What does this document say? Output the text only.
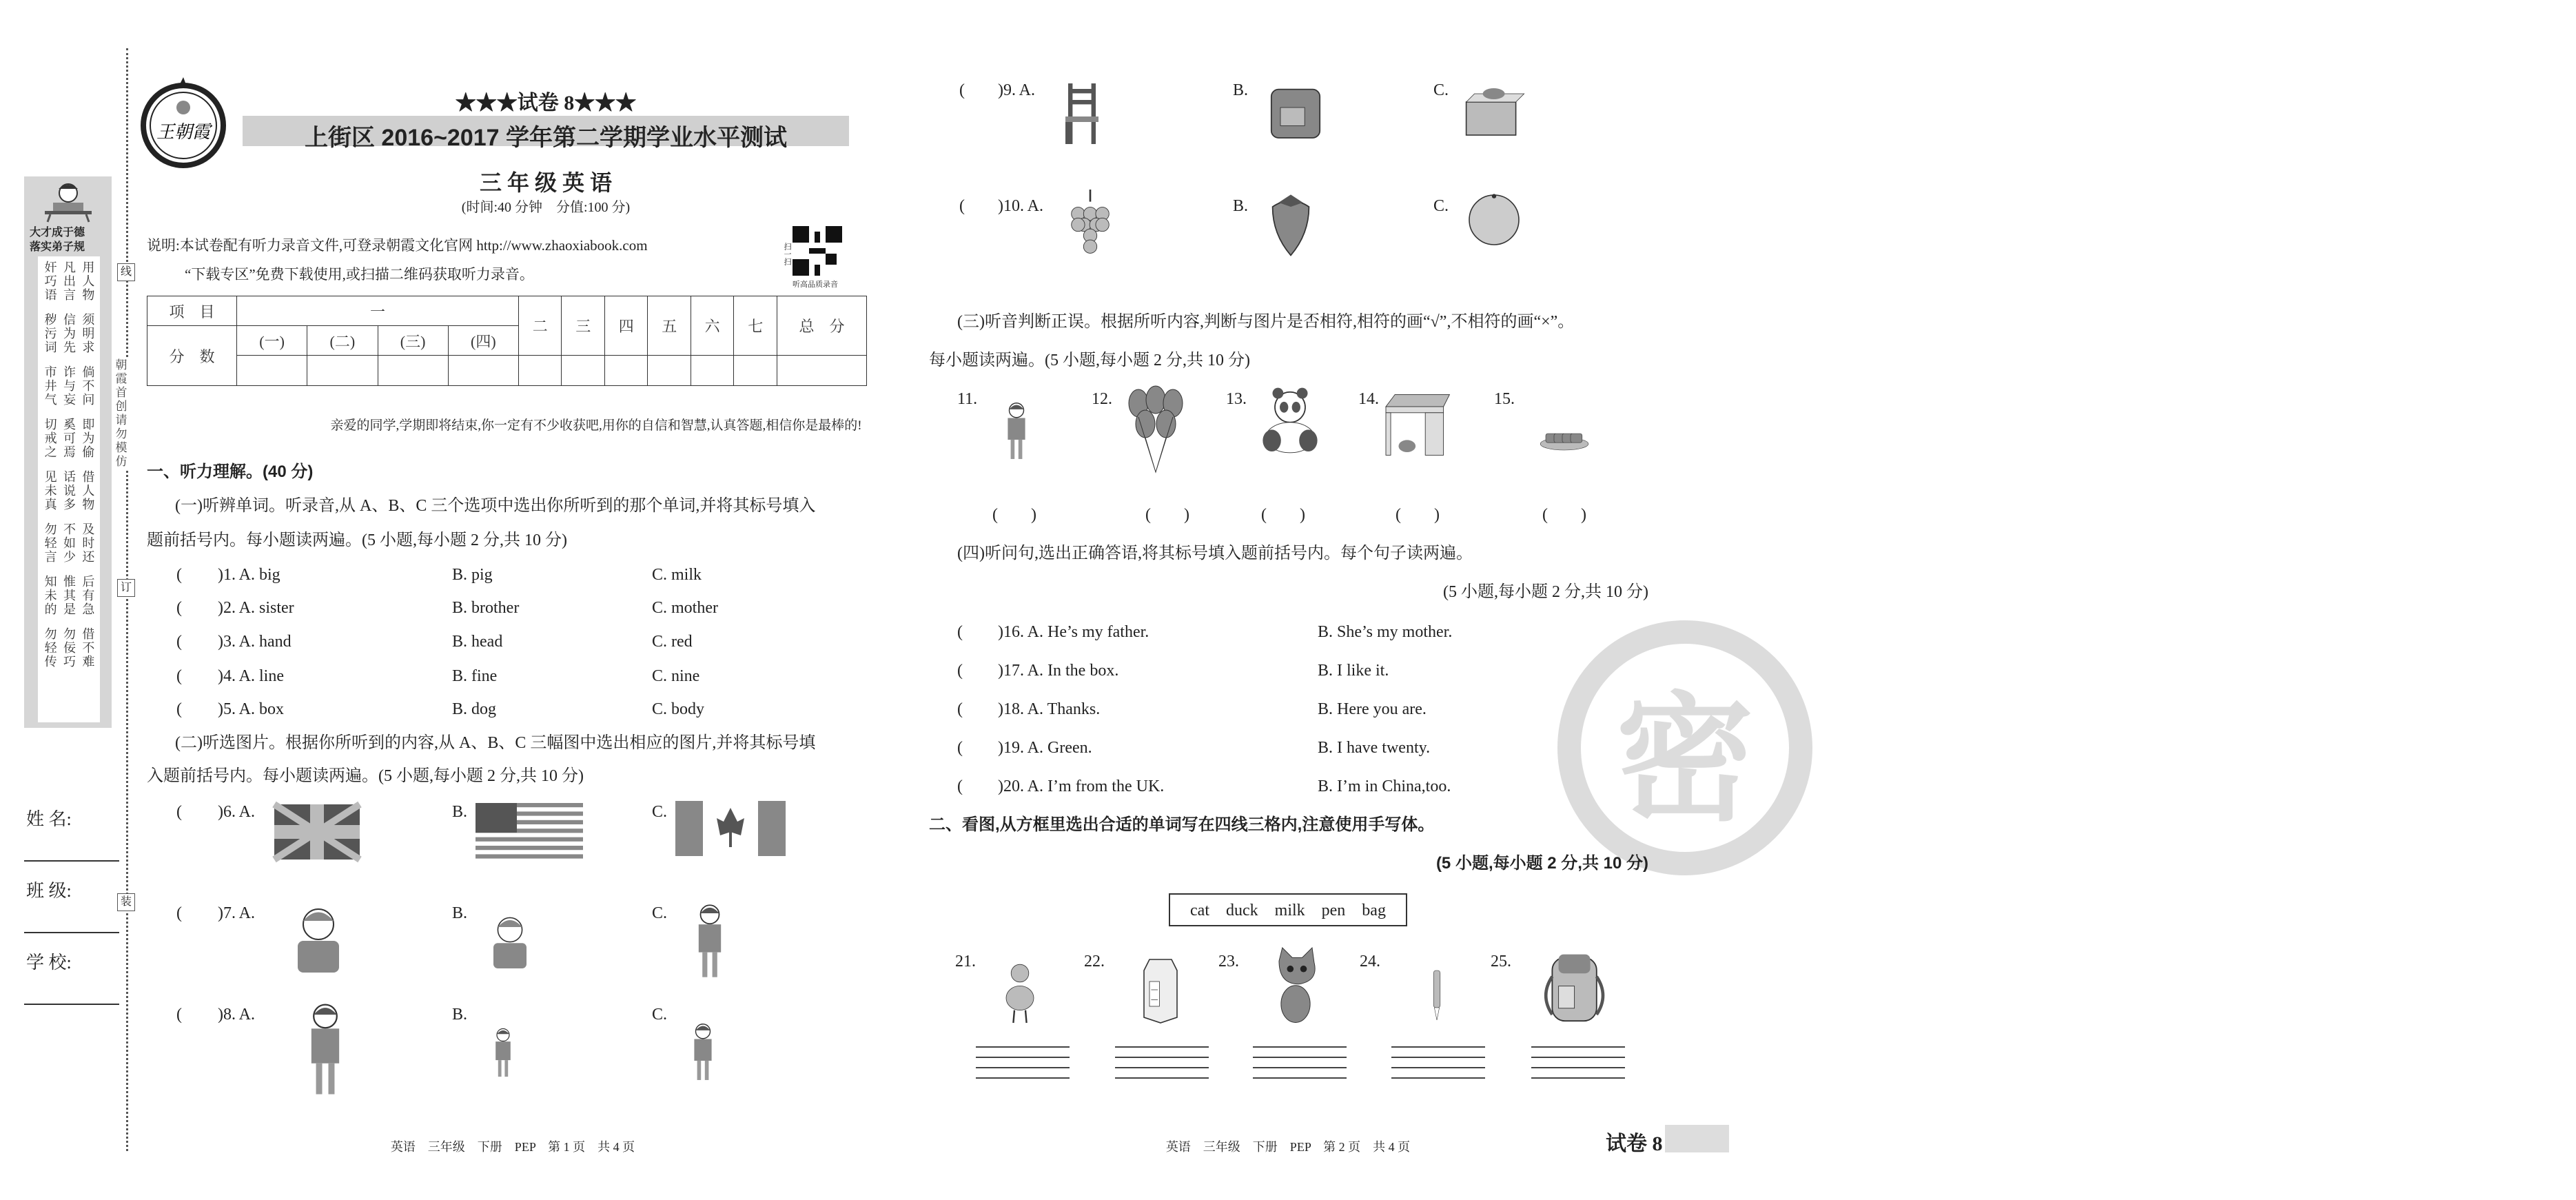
线
订
装
朝霞首创 请勿模仿
大才成于德
落实弟子规
奸巧语 凡出言 用人物
秽污词 信为先 须明求
市井气 诈与妄 倘不问
切戒之 奚可焉 即为偷
见未真 话说多 借人物
勿轻言 不如少 及时还
知未的 惟其是 后有急
勿轻传 勿佞巧 借不难
姓 名:
班 级:
学 校:
王朝霞
★★★试卷 8★★★
上街区 2016~2017 学年第二学期学业水平测试
三 年 级 英 语
(时间:40 分钟　分值:100 分)
说明:本试卷配有听力录音文件,可登录朝霞文化官网 http://www.zhaoxiabook.com
“下载专区”免费下载使用,或扫描二维码获取听力录音。
扫一扫
听高品质录音
项　目	一				二	三	四	五	六	七	总　分
分　数	(一)	(二)	(三)	(四)							

亲爱的同学,学期即将结束,你一定有不少收获吧,用你的自信和智慧,认真答题,相信你是最棒的!
一、听力理解。(40 分)
(一)听辨单词。听录音,从 A、B、C 三个选项中选出你所听到的那个单词,并将其标号填入
题前括号内。每小题读两遍。(5 小题,每小题 2 分,共 10 分)
( )1. A. big	B. pig	C. milk
( )2. A. sister	B. brother	C. mother
( )3. A. hand	B. head	C. red
( )4. A. line	B. fine	C. nine
( )5. A. box	B. dog	C. body
(二)听选图片。根据你所听到的内容,从 A、B、C 三幅图中选出相应的图片,并将其标号填
入题前括号内。每小题读两遍。(5 小题,每小题 2 分,共 10 分)
( )6. A.	B.	C.
( )7. A.	B.	C.
( )8. A.	B.	C.
( )9. A.	B.	C.
( )10. A.	B.	C.
英语　三年级　下册　PEP　第 1 页　共 4 页
密
(三)听音判断正误。根据所听内容,判断与图片是否相符,相符的画“√”,不相符的画“×”。
每小题读两遍。(5 小题,每小题 2 分,共 10 分)
11.
(　　)
12.
(　　)
13.
(　　)
14.
(　　)
15.
(　　)
(四)听问句,选出正确答语,将其标号填入题前括号内。每个句子读两遍。
(5 小题,每小题 2 分,共 10 分)
( )16. A. He’s my father.	B. She’s my mother.
( )17. A. In the box.	B. I like it.
( )18. A. Thanks.	B. Here you are.
( )19. A. Green.	B. I have twenty.
( )20. A. I’m from the UK.	B. I’m in China,too.
二、看图,从方框里选出合适的单词写在四线三格内,注意使用手写体。
(5 小题,每小题 2 分,共 10 分)
cat　duck　milk　pen　bag
21.	22.	23.	24.	25.
英语　三年级　下册　PEP　第 2 页　共 4 页	试卷 8
